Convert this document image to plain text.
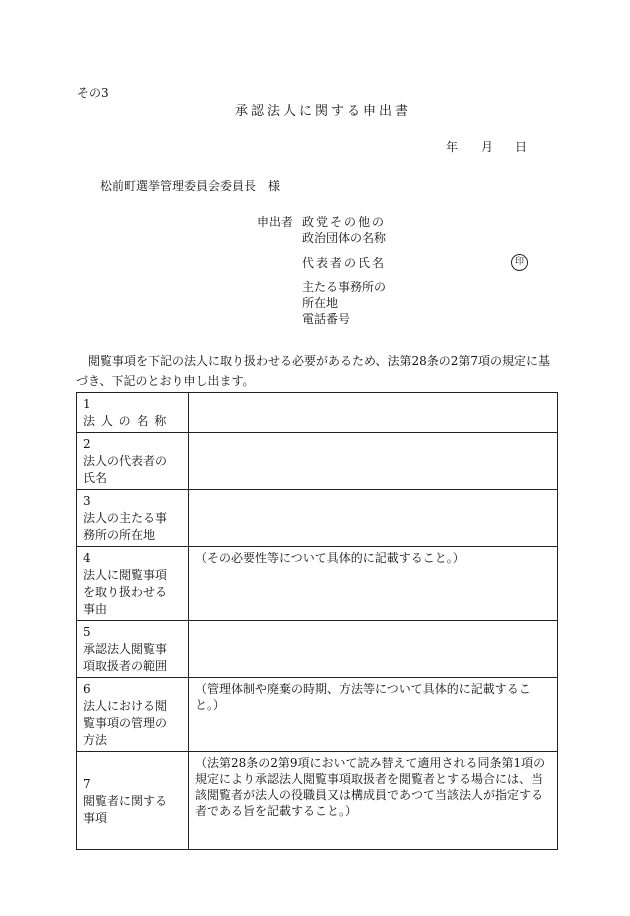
その3
承認法人に関する申出書
年 月 日
松前町選挙管理委員会委員長　様
申出者 政党その他の
政治団体の名称
代表者の氏名	印
主たる事務所の
所在地
電話番号
閲覧事項を下記の法人に取り扱わせる必要があるため、法第28条の2第7項の規定に基づき、下記のとおり申し出ます。
1法 人 の 名 称	
2法人の代表者の氏名	
3法人の主たる事務所の所在地	
4法人に閲覧事項を取り扱わせる事由	（その必要性等について具体的に記載すること。）
5承認法人閲覧事項取扱者の範囲	
6法人における閲覧事項の管理の方法	（管理体制や廃棄の時期、方法等について具体的に記載すること。）
7閲覧者に関する事項	（法第28条の2第9項において読み替えて適用される同条第1項の規定により承認法人閲覧事項取扱者を閲覧者とする場合には、当該閲覧者が法人の役職員又は構成員であつて当該法人が指定する者である旨を記載すること。）
